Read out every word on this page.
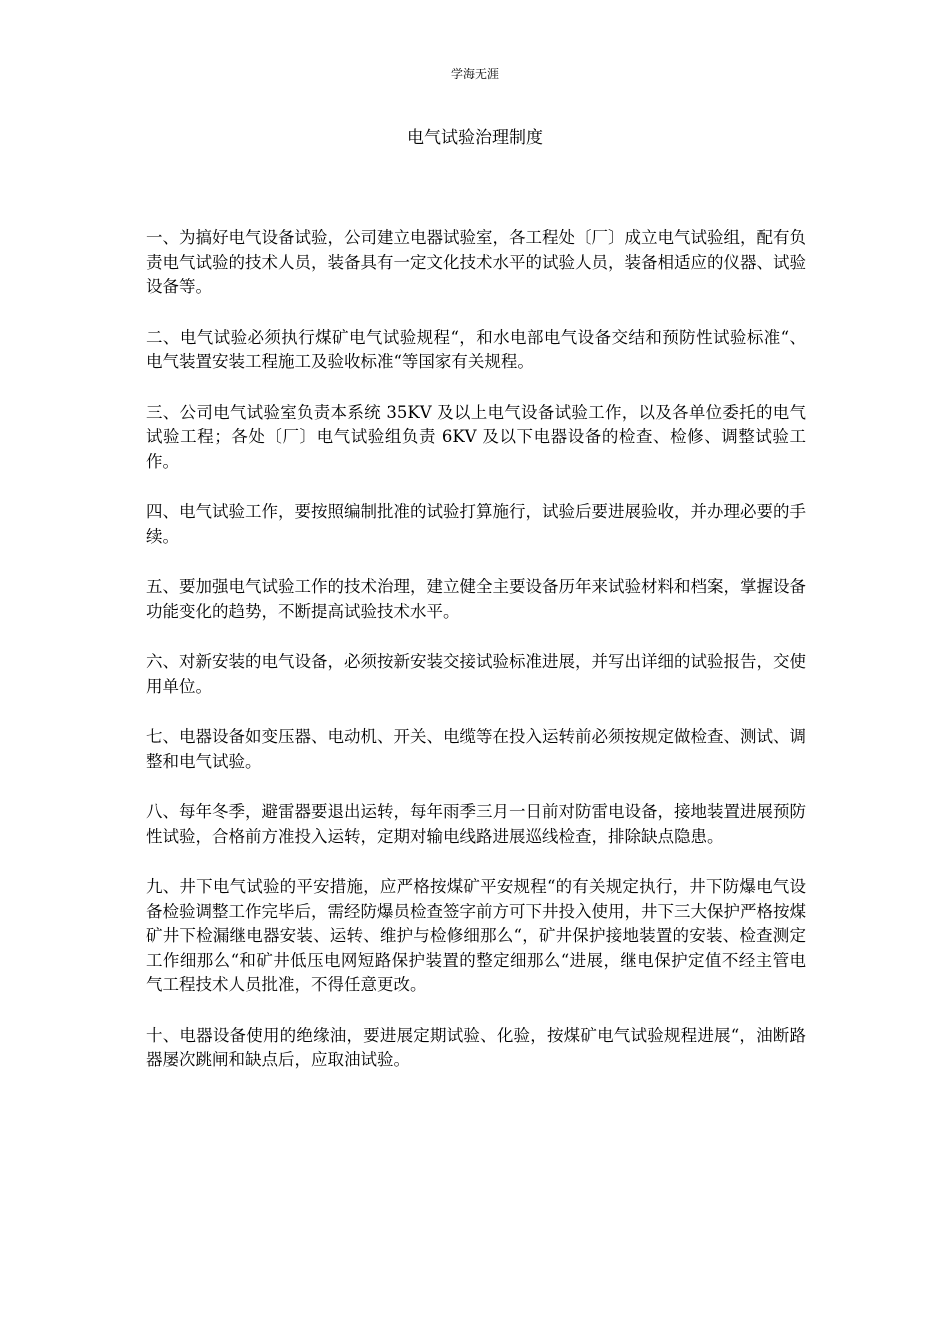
学海无涯
电气试验治理制度

一、为搞好电气设备试验，公司建立电器试验室，各工程处〔厂〕成立电气试验组，配有负责电气试验的技术人员，装备具有一定文化技术水平的试验人员，装备相适应的仪器、试验设备等。

二、电气试验必须执行煤矿电气试验规程“，和水电部电气设备交结和预防性试验标准“、电气装置安装工程施工及验收标准“等国家有关规程。

三、公司电气试验室负责本系统 35KV 及以上电气设备试验工作，以及各单位委托的电气试验工程；各处〔厂〕电气试验组负责 6KV 及以下电器设备的检查、检修、调整试验工作。

四、电气试验工作，要按照编制批准的试验打算施行，试验后要进展验收，并办理必要的手续。

五、要加强电气试验工作的技术治理，建立健全主要设备历年来试验材料和档案，掌握设备功能变化的趋势，不断提高试验技术水平。

六、对新安装的电气设备，必须按新安装交接试验标准进展，并写出详细的试验报告，交使用单位。

七、电器设备如变压器、电动机、开关、电缆等在投入运转前必须按规定做检查、测试、调整和电气试验。

八、每年冬季，避雷器要退出运转，每年雨季三月一日前对防雷电设备，接地装置进展预防性试验，合格前方准投入运转，定期对输电线路进展巡线检查，排除缺点隐患。

九、井下电气试验的平安措施，应严格按煤矿平安规程“的有关规定执行，井下防爆电气设备检验调整工作完毕后，需经防爆员检查签字前方可下井投入使用，井下三大保护严格按煤矿井下检漏继电器安装、运转、维护与检修细那么“，矿井保护接地装置的安装、检查测定工作细那么“和矿井低压电网短路保护装置的整定细那么“进展，继电保护定值不经主管电气工程技术人员批准，不得任意更改。

十、电器设备使用的绝缘油，要进展定期试验、化验，按煤矿电气试验规程进展“，油断路器屡次跳闸和缺点后，应取油试验。
